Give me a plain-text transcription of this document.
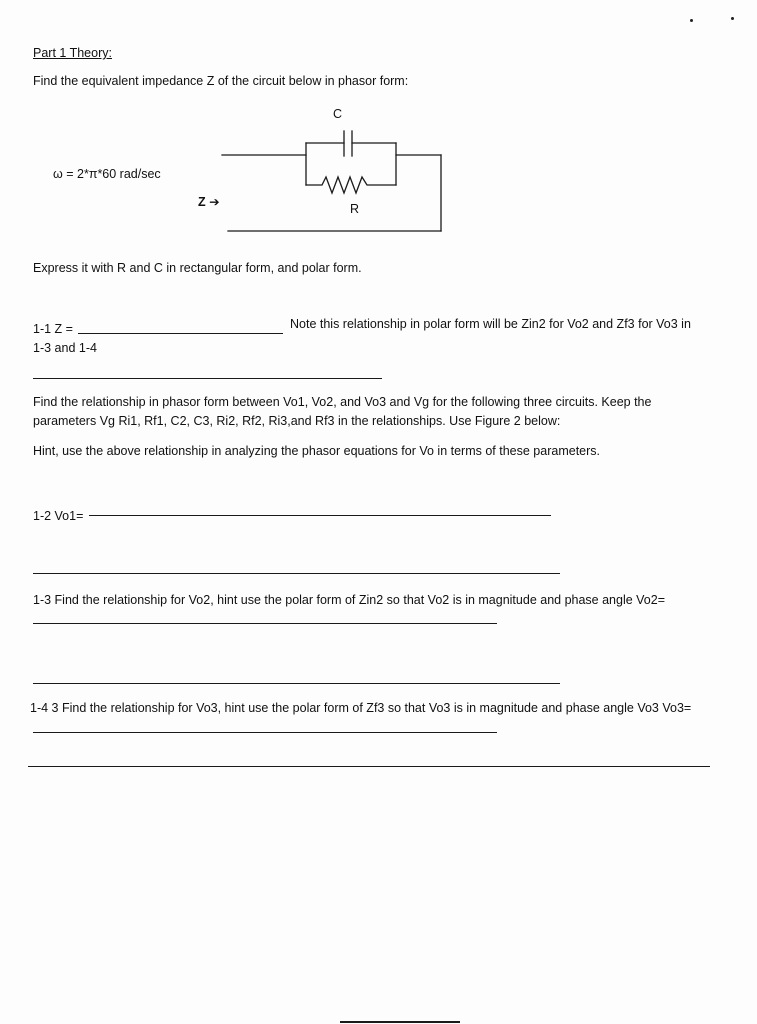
Part 1 Theory:
Find the equivalent impedance Z of the circuit below in phasor form:
C
R
ω = 2*π*60 rad/sec
Z ➔
Express it with R and C in rectangular form, and polar form.
1-1 Z =	Note this relationship in polar form will be Zin2 for Vo2 and Zf3 for Vo3 in
1-3 and 1-4
Find the relationship in phasor form between Vo1, Vo2, and Vo3 and Vg for the following three circuits. Keep the
parameters Vg Ri1, Rf1, C2, C3, Ri2, Rf2, Ri3,and Rf3 in the relationships. Use Figure 2 below:
Hint, use the above relationship in analyzing the phasor equations for Vo in terms of these parameters.
1-2 Vo1=
1-3 Find the relationship for Vo2, hint use the polar form of Zin2 so that Vo2 is in magnitude and phase angle Vo2=
1-4 3 Find the relationship for Vo3, hint use the polar form of Zf3 so that Vo3 is in magnitude and phase angle Vo3 Vo3=
